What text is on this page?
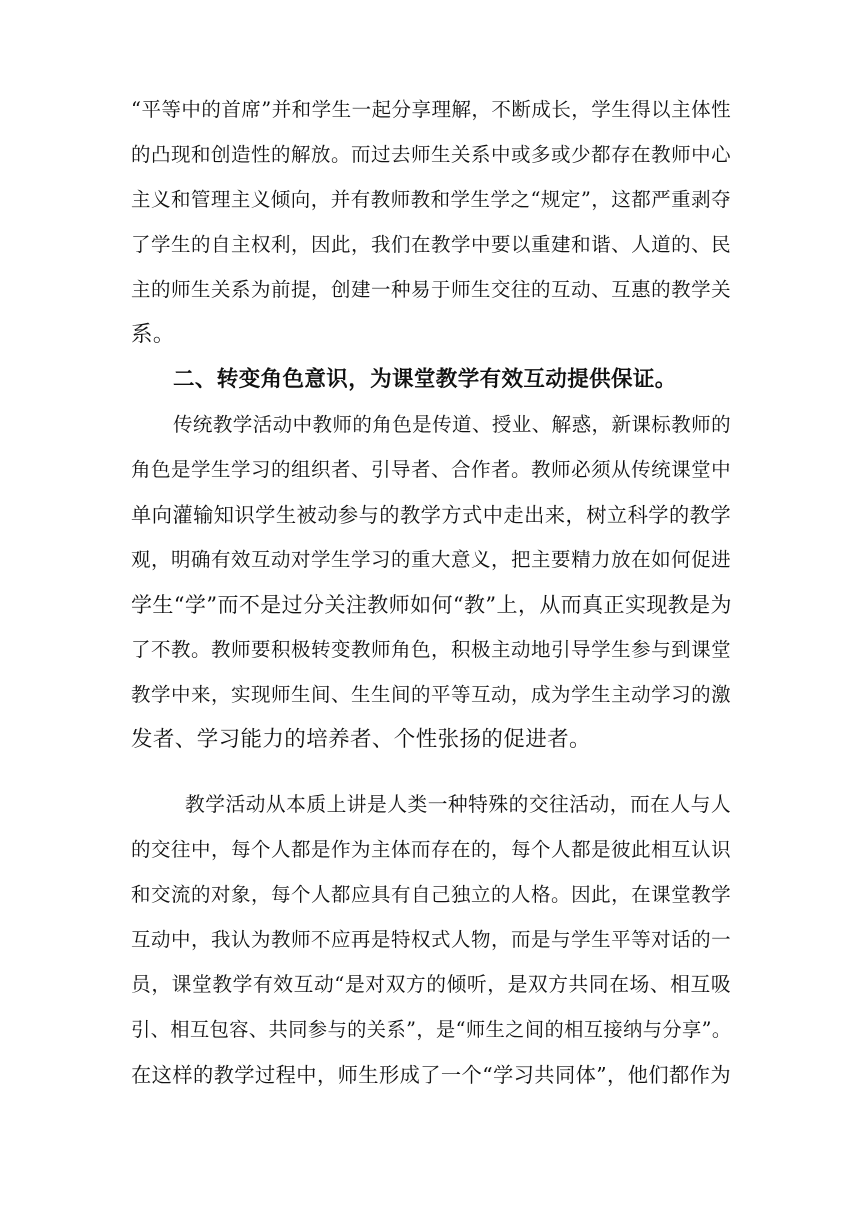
“平等中的首席”并和学生一起分享理解，不断成长，学生得以主体性
的凸现和创造性的解放。而过去师生关系中或多或少都存在教师中心
主义和管理主义倾向，并有教师教和学生学之“规定”，这都严重剥夺
了学生的自主权利，因此，我们在教学中要以重建和谐、人道的、民
主的师生关系为前提，创建一种易于师生交往的互动、互惠的教学关
系。
二、转变角色意识，为课堂教学有效互动提供保证。
传统教学活动中教师的角色是传道、授业、解惑，新课标教师的
角色是学生学习的组织者、引导者、合作者。教师必须从传统课堂中
单向灌输知识学生被动参与的教学方式中走出来，树立科学的教学
观，明确有效互动对学生学习的重大意义，把主要精力放在如何促进
学生“学”而不是过分关注教师如何“教”上，从而真正实现教是为
了不教。教师要积极转变教师角色，积极主动地引导学生参与到课堂
教学中来，实现师生间、生生间的平等互动，成为学生主动学习的激
发者、学习能力的培养者、个性张扬的促进者。
教学活动从本质上讲是人类一种特殊的交往活动，而在人与人
的交往中，每个人都是作为主体而存在的，每个人都是彼此相互认识
和交流的对象，每个人都应具有自己独立的人格。因此，在课堂教学
互动中，我认为教师不应再是特权式人物，而是与学生平等对话的一
员，课堂教学有效互动“是对双方的倾听，是双方共同在场、相互吸
引、相互包容、共同参与的关系”，是“师生之间的相互接纳与分享”。
在这样的教学过程中，师生形成了一个“学习共同体”，他们都作为
